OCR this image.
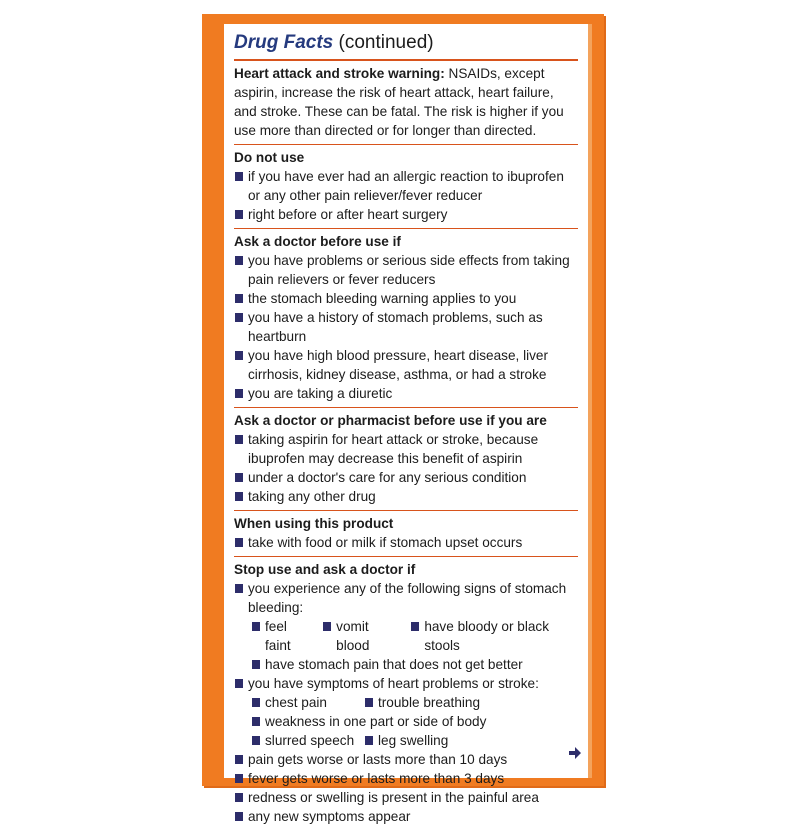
Drug Facts (continued)
Heart attack and stroke warning: NSAIDs, except aspirin, increase the risk of heart attack, heart failure, and stroke. These can be fatal. The risk is higher if you use more than directed or for longer than directed.
Do not use
if you have ever had an allergic reaction to ibuprofen or any other pain reliever/fever reducer
right before or after heart surgery
Ask a doctor before use if
you have problems or serious side effects from taking pain relievers or fever reducers
the stomach bleeding warning applies to you
you have a history of stomach problems, such as heartburn
you have high blood pressure, heart disease, liver cirrhosis, kidney disease, asthma, or had a stroke
you are taking a diuretic
Ask a doctor or pharmacist before use if you are
taking aspirin for heart attack or stroke, because ibuprofen may decrease this benefit of aspirin
under a doctor's care for any serious condition
taking any other drug
When using this product
take with food or milk if stomach upset occurs
Stop use and ask a doctor if
you experience any of the following signs of stomach bleeding:
feel faint
vomit blood
have bloody or black stools
have stomach pain that does not get better
you have symptoms of heart problems or stroke:
chest pain	trouble breathing
weakness in one part or side of body
slurred speech	leg swelling
pain gets worse or lasts more than 10 days
fever gets worse or lasts more than 3 days
redness or swelling is present in the painful area
any new symptoms appear
